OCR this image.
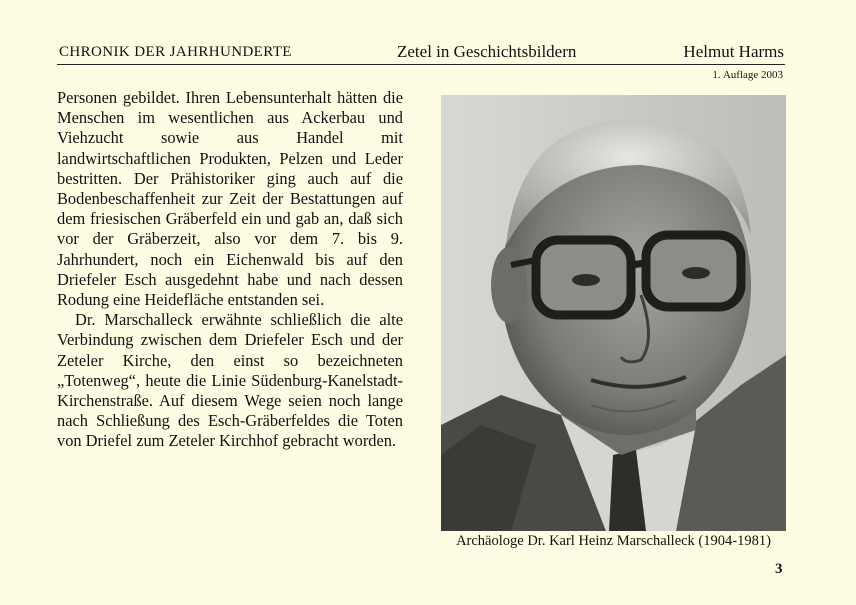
CHRONIK DER JAHRHUNDERTE	Zetel in Geschichtsbildern	Helmut Harms
1. Auflage 2003

Personen gebildet. Ihren Lebensunterhalt hätten die Menschen im wesentlichen aus Ackerbau und Viehzucht sowie aus Handel mit landwirtschaftlichen Produkten, Pelzen und Leder bestritten. Der Prähistoriker ging auch auf die Bodenbeschaffenheit zur Zeit der Bestattungen auf dem friesischen Gräberfeld ein und gab an, daß sich vor der Gräberzeit, also vor dem 7. bis 9. Jahrhundert, noch ein Eichenwald bis auf den Driefeler Esch ausgedehnt habe und nach dessen Rodung eine Heidefläche entstanden sei.

Dr. Marschalleck erwähnte schließlich die alte Verbindung zwischen dem Driefeler Esch und der Zeteler Kirche, den einst so bezeichneten „Totenweg“, heute die Linie Südenburg-Kanelstadt-Kirchenstraße. Auf diesem Wege seien noch lange nach Schließung des Esch-Gräberfeldes die Toten von Driefel zum Zeteler Kirchhof gebracht worden.

Archäologe Dr. Karl Heinz Marschalleck (1904-1981)
3
